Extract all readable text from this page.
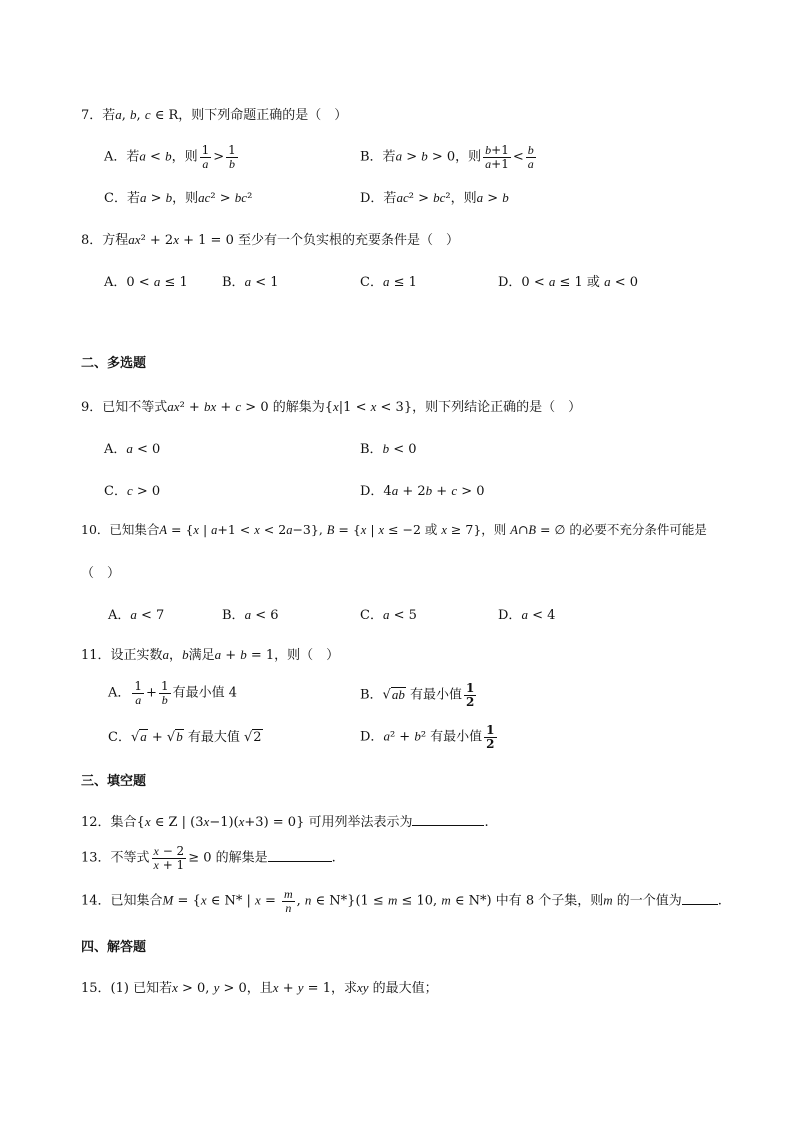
7．若a, b, c ∈ R，则下列命题正确的是（　）
A．若a < b，则 $\frac{1}{a} > \frac{1}{b}$	B．若a > b > 0，则 $\frac{b+1}{a+1} < \frac{b}{a}$
C．若a > b，则ac² > bc²	D．若ac² > bc²，则a > b
8．方程ax² + 2x + 1 = 0 至少有一个负实根的充要条件是（　）
A．0 < a ≤ 1	B．a < 1	C．a ≤ 1	D．0 < a ≤ 1 或 a < 0
二、多选题
9．已知不等式ax² + bx + c > 0 的解集为{x|1 < x < 3}，则下列结论正确的是（　）
A．a < 0	B．b < 0
C．c > 0	D．4a + 2b + c > 0
10．已知集合A = {x | a+1 < x < 2a−3}, B = {x | x ≤ −2 或 x ≥ 7}，则 A∩B = ∅ 的必要不充分条件可能是
（　）
A．a < 7	B．a < 6	C．a < 5	D．a < 4
11．设正实数a，b满足a + b = 1，则（　）
A． $\frac{1}{a} + \frac{1}{b}$ 有最小值 4	B．√ab 有最小值 $\frac{1}{2}$
C．√a + √b 有最大值 √2	D．a² + b² 有最小值 $\frac{1}{2}$
三、填空题
12．集合{x ∈ Z | (3x−1)(x+3) = 0} 可用列举法表示为	.
13．不等式 $\frac{x - 2}{x + 1} \ge 0$ 的解集是	.
14．已知集合M = {x ∈ N* | $x = \frac{m}{n}$ , n ∈ N*}(1 ≤ m ≤ 10, m ∈ N*) 中有 8 个子集，则m 的一个值为	.
四、解答题
15．(1) 已知若x > 0, y > 0，且x + y = 1，求xy 的最大值；
